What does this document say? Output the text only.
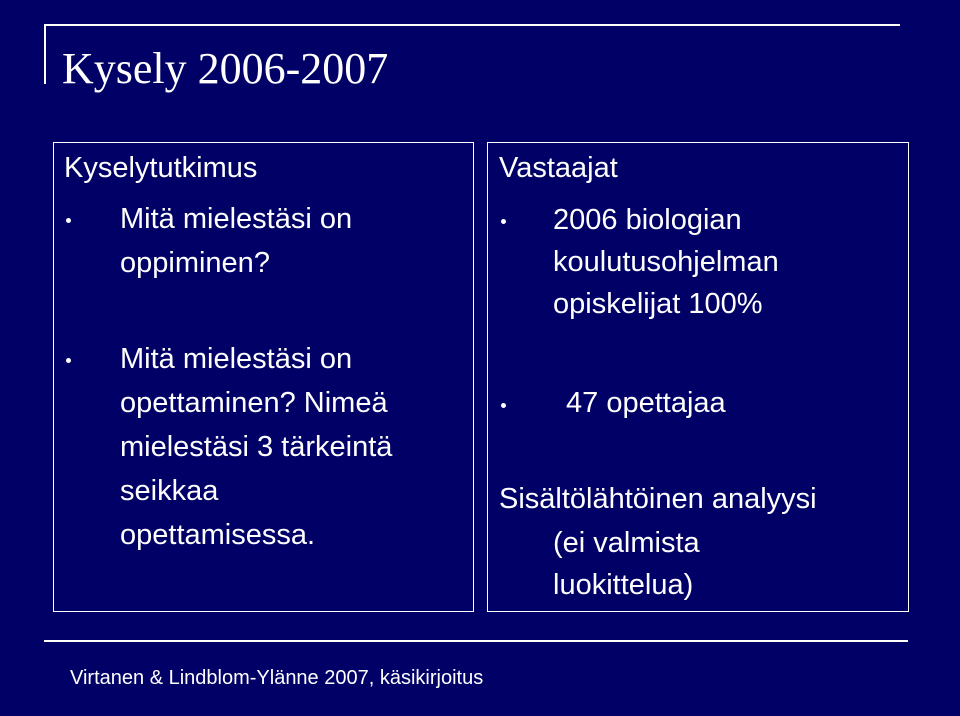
Kysely 2006-2007
Kyselytutkimus
Mitä mielestäsi on
oppiminen?
Mitä mielestäsi on
opettaminen? Nimeä
mielestäsi 3 tärkeintä
seikkaa
opettamisessa.
Vastaajat
2006 biologian
koulutusohjelman
opiskelijat 100%
47 opettajaa
Sisältölähtöinen analyysi
(ei valmista
luokittelua)
Virtanen & Lindblom-Ylänne 2007, käsikirjoitus
